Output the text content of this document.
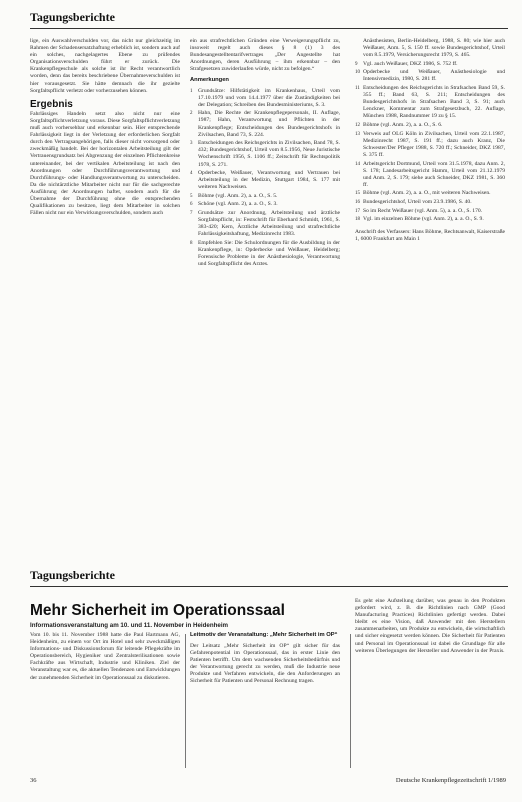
Tagungsberichte

lige, ein Auswahlverschulden vor, das nicht nur gleichzeitig im Rahmen der Schadensersatzhaftung erheblich ist, sondern auch auf ein solches, nachgelagertes Ebene zu prüfendes Organisationsverschulden führt er zurück. Die Krankenpflegeschule als solche ist ihr Recht verantwortlich worden, denn das bereits beschriebene Übernahmeverschulden ist hier vorausgesetzt. Sie hätte demnach die ihr gezielte Sorgfaltspflicht verletzt oder vorherzusehen können.

Ergebnis

Fahrlässiges Handeln setzt also nicht nur eine Sorgfaltspflichtverletzung voraus. Diese Sorgfaltspflichtverletzung muß auch vorhersehbar und erkennbar sein. Hier entsprechende Fahrlässigkeit liegt in der Verletzung der erforderlichen Sorgfalt durch den Vertragsangehörigen, falls dieser nicht vorsorgend oder zweckmäßig handelt. Bei der horizontalen Arbeitsteilung gilt der Vertrauensgrundsatz bei Abgrenzung der einzelnen Pflichtenkreise untereinander, bei der vertikalen Arbeitsteilung ist nach den Anordnungen oder Durchführungsverantwortung und Durchführungs- oder Handlungsverantwortung zu unterscheiden. Da die nichtärztliche Mitarbeiter nicht nur für die sachgerechte Ausführung der Anordnungen haftet, sondern auch für die Übernahme der Durchführung ohne die entsprechenden Qualifikationen zu besitzen, liegt dem Mitarbeiter in solchen Fällen nicht nur ein Verwirkungsverschulden, sondern auch

ein aus strafrechtlichen Gründen eine Verweigerungspflicht zu, insoweit regelt auch dieses § 8 (1) 3 des Bundesangestelltentarifvertrages „Der Angestellte hat Anordnungen, deren Ausführung – ihm erkennbar – den Strafgesetzen zuwiderlaufen würde, nicht zu befolgen.“

Anmerkungen
1 Grundsätze: Hilfstätigkeit im Krankenhaus, Urteil vom 17.10.1979 und vom 14.4.1977 über die Zuständigkeiten bei der Delegation; Schreiben des Bundesministeriums, S. 3.
2 Hahn, Die Rechte der Krankenpflegepersonals, II. Auflage, 1987; Hahn, Verantwortung und Pflichten in der Krankenpflege; Entscheidungen des Bundesgerichtshofs in Zivilsachen, Band 73, S. 224.
3 Entscheidungen des Reichsgerichts in Zivilsachen, Band 78, S. 432; Bundesgerichtshof, Urteil vom 8.5.1956, Neue Juristische Wochenschrift 1956, S. 1106 ff.; Zeitschrift für Rechtspolitik 1978, S. 271.
4 Opderbecke, Weißauer, Verantwortung und Vertrauen bei Arbeitsteilung in der Medizin, Stuttgart 1984, S. 177 mit weiteren Nachweisen.
5 Böhme (vgl. Anm. 2), a. a. O., S. 5.
6 Schöne (vgl. Anm. 2), a. a. O., S. 3.
7 Grundsätze zur Anordnung, Arbeitsteilung und ärztliche Sorgfaltspflicht, in: Festschrift für Eberhard Schmidt, 1961, S. 383-420; Kern, Ärztliche Arbeitsteilung und strafrechtliche Fahrlässigkeitshaftung, Medizinrecht 1983.
8 Empfehlen Sie: Die Schulordnungen für die Ausbildung in der Krankenpflege, in: Opderbecke und Weißauer, Heidelberg; Forensische Probleme in der Anästhesiologie, Verantwortung und Sorgfaltspflicht des Arztes.
Anästhesisten, Berlin-Heidelberg, 1988, S. 80; wie hier auch Weißauer, Anm. 5, S. 150 ff. sowie Bundesgerichtshof, Urteil vom 8.5.1979, Versicherungsrecht 1979, S. 465.
9 Vgl. auch Weißauer, DKZ 1986, S. 752 ff.
10 Opderbecke und Weißauer, Anästhesiologie und Intensivmedizin, 1980, S. 281 ff.
11 Entscheidungen des Reichsgerichts in Strafsachen Band 59, S. 355 ff.; Band 63, S. 211; Entscheidungen des Bundesgerichtshofs in Strafsachen Band 3, S. 91; auch Lenckner, Kommentar zum Strafgesetzbuch, 22. Auflage, München 1988, Randnummer 19 zu § 15.
12 Böhme (vgl. Anm. 2), a. a. O., S. 6.
13 Verweis auf OLG Köln in Zivilsachen, Urteil vom 22.1.1987, Medizinrecht 1987, S. 191 ff.; dazu auch Kranz, Die Schwester/Der Pfleger 1988, S. 720 ff.; Schneider, DKZ 1987, S. 375 ff.
14 Arbeitsgericht Dortmund, Urteil vom 31.5.1978, dazu Anm. 2, S. 178; Landesarbeitsgericht Hamm, Urteil vom 21.12.1979 und Anm. 2, S. 179; siehe auch Schneider, DKZ 1981, S. 360 ff.
15 Böhme (vgl. Anm. 2), a. a. O., mit weiteren Nachweisen.
16 Bundesgerichtshof, Urteil vom 23.9.1986, S. 40.
17 So im Recht Weißauer (vgl. Anm. 5), a. a. O., S. 170.
18 Vgl. im einzelnen Böhme (vgl. Anm. 2), a. a. O., S. 9.

Anschrift des Verfassers: Hans Böhme, Rechtsanwalt, Kaiserstraße 1, 6000 Frankfurt am Main 1

Tagungsberichte
Mehr Sicherheit im Operationssaal
Informationsveranstaltung am 10. und 11. November in Heidenheim

Vom 10. bis 11. November 1988 hatte die Paul Hartmann AG, Heidenheim, zu einem vor Ort im Hotel und sehr zweckmäßigen Informations- und Diskussionsforum für leitende Pflegekräfte im Operationsbereich, Hygieniker und Zentralsterilisationen sowie Fachkräfte aus Wirtschaft, Industrie und Kliniken. Ziel der Veranstaltung war es, die aktuellen Tendenzen und Entwicklungen der zunehmenden Sicherheit im Operationssaal zu diskutieren.

Leitmotiv der Veranstaltung: „Mehr Sicherheit im OP“

Der Leitsatz „Mehr Sicherheit im OP“ gilt sicher für das Gefahrenpotential im Operationssaal, das in erster Linie den Patienten betrifft. Um dem wachsenden Sicherheitsbedürfnis und der Verantwortung gerecht zu werden, muß die Industrie neue Produkte und Verfahren entwickeln, die den Anforderungen an Sicherheit für Patienten und Personal Rechnung tragen.

Es geht eine Aufstellung darüber, was genau in den Produkten gefordert wird, z. B. die Richtlinien nach GMP (Good Manufacturing Practices) Richtlinien gefertigt werden. Dabei bleibt es eine Vision, daß Anwender mit den Herstellern zusammenarbeiten, um Produkte zu entwickeln, die wirtschaftlich und sicher eingesetzt werden können. Die Sicherheit für Patienten und Personal im Operationssaal ist dabei die Grundlage für alle weiteren Überlegungen der Hersteller und Anwender in der Praxis.

36	Deutsche Krankenpflegezeitschrift 1/1989
